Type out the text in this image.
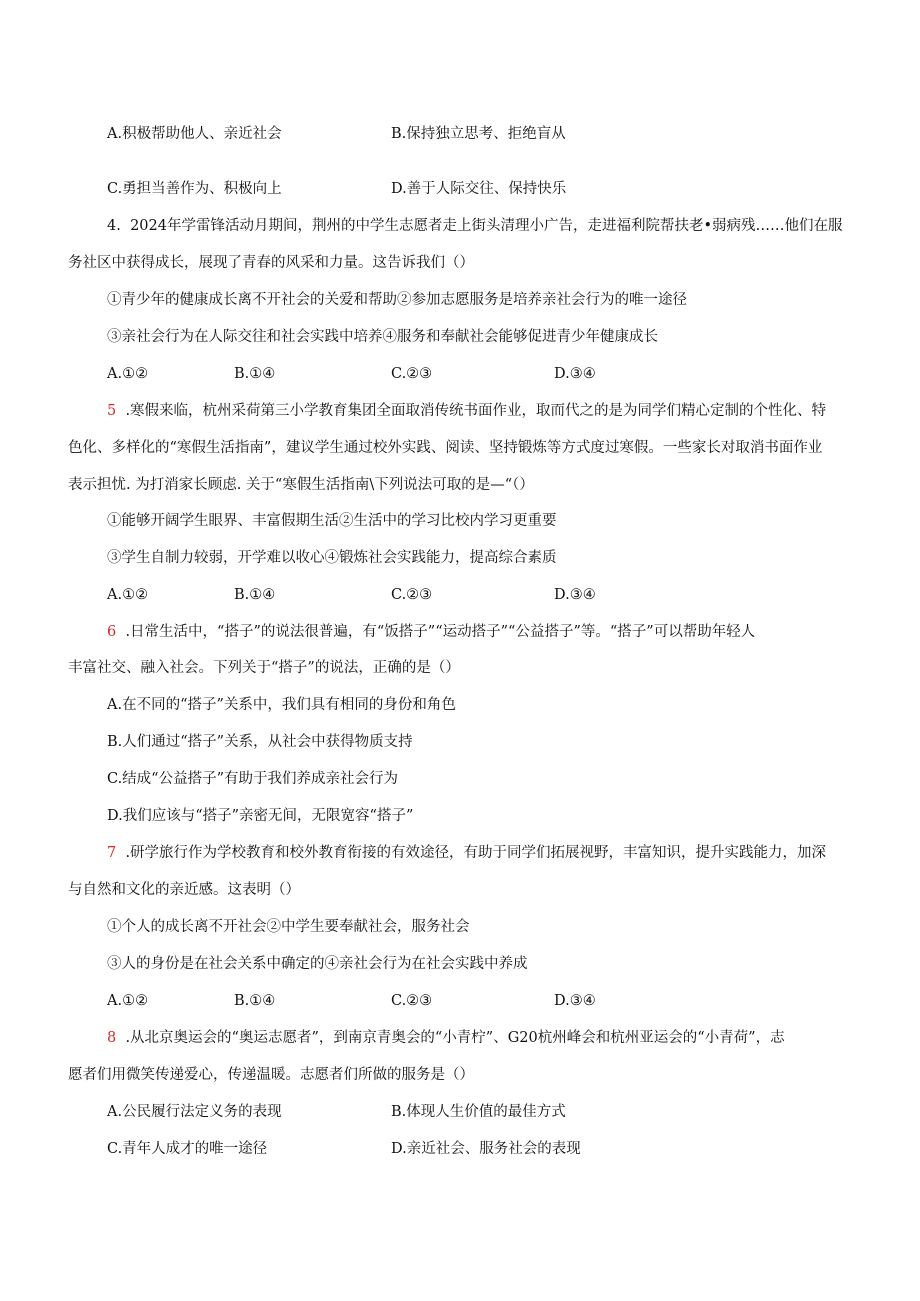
A.积极帮助他人、亲近社会	B.保持独立思考、拒绝盲从
C.勇担当善作为、积极向上	D.善于人际交往、保持快乐
4. 2024年学雷锋活动月期间，荆州的中学生志愿者走上街头清理小广告，走进福利院帮扶老•弱病残……他们在服
务社区中获得成长，展现了青春的风采和力量。这告诉我们（）
①青少年的健康成长离不开社会的关爱和帮助②参加志愿服务是培养亲社会行为的唯一途径
③亲社会行为在人际交往和社会实践中培养④服务和奉献社会能够促进青少年健康成长
A.①②	B.①④	C.②③	D.③④
5 .寒假来临，杭州采荷第三小学教育集团全面取消传统书面作业，取而代之的是为同学们精心定制的个性化、特
色化、多样化的“寒假生活指南”，建议学生通过校外实践、阅读、坚持锻炼等方式度过寒假。一些家长对取消书面作业
表示担忧. 为打消家长顾虑. 关于“寒假生活指南\下列说法可取的是—“（）
①能够开阔学生眼界、丰富假期生活②生活中的学习比校内学习更重要
③学生自制力较弱，开学难以收心④锻炼社会实践能力，提高综合素质
A.①②	B.①④	C.②③	D.③④
6 .日常生活中，“搭子”的说法很普遍，有“饭搭子”“运动搭子”“公益搭子”等。“搭子”可以帮助年轻人
丰富社交、融入社会。下列关于“搭子”的说法，正确的是（）
A.在不同的“搭子”关系中，我们具有相同的身份和角色
B.人们通过“搭子”关系，从社会中获得物质支持
C.结成“公益搭子”有助于我们养成亲社会行为
D.我们应该与“搭子”亲密无间，无限宽容“搭子”
7 .研学旅行作为学校教育和校外教育衔接的有效途径，有助于同学们拓展视野，丰富知识，提升实践能力，加深
与自然和文化的亲近感。这表明（）
①个人的成长离不开社会②中学生要奉献社会，服务社会
③人的身份是在社会关系中确定的④亲社会行为在社会实践中养成
A.①②	B.①④	C.②③	D.③④
8 .从北京奥运会的“奥运志愿者”，到南京青奥会的“小青柠”、G20杭州峰会和杭州亚运会的“小青荷”，志
愿者们用微笑传递爱心，传递温暖。志愿者们所做的服务是（）
A.公民履行法定义务的表现	B.体现人生价值的最佳方式
C.青年人成才的唯一途径	D.亲近社会、服务社会的表现
